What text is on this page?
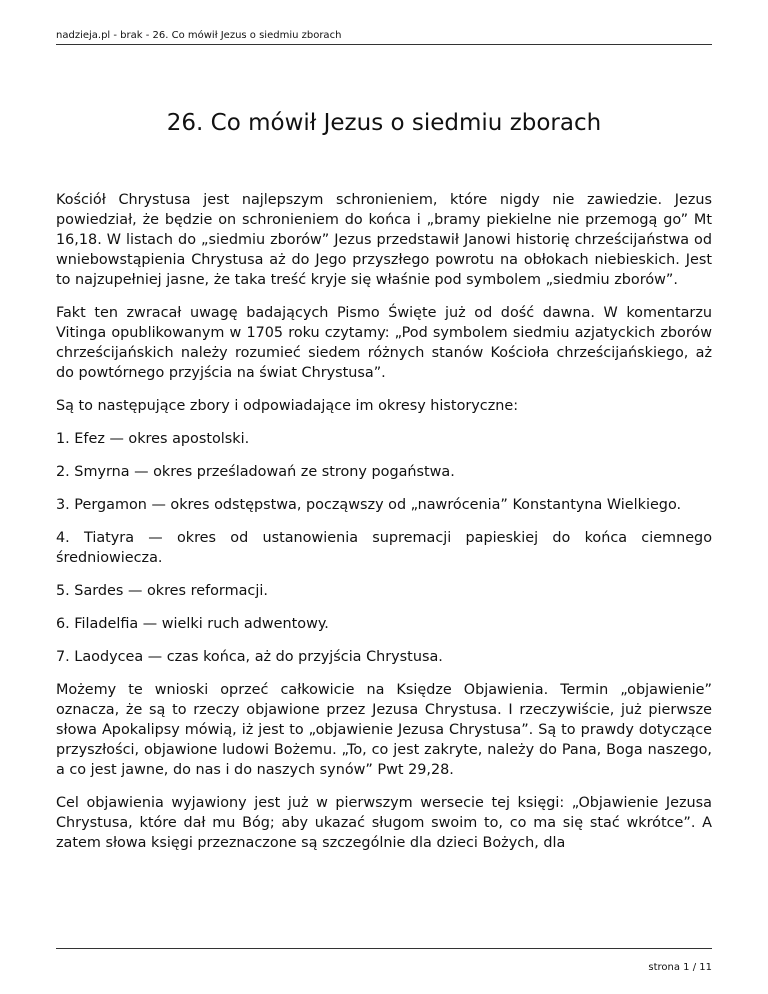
nadzieja.pl - brak - 26. Co mówił Jezus o siedmiu zborach
26. Co mówił Jezus o siedmiu zborach

Kościół Chrystusa jest najlepszym schronieniem, które nigdy nie zawiedzie. Jezus powiedział, że będzie on schronieniem do końca i „bramy piekielne nie przemogą go” Mt 16,18. W listach do „siedmiu zborów” Jezus przedstawił Janowi historię chrześcijaństwa od wniebowstąpienia Chrystusa aż do Jego przyszłego powrotu na obłokach niebieskich. Jest to najzupełniej jasne, że taka treść kryje się właśnie pod symbolem „siedmiu zborów”.

Fakt ten zwracał uwagę badających Pismo Święte już od dość dawna. W komentarzu Vitinga opublikowanym w 1705 roku czytamy: „Pod symbolem siedmiu azjatyckich zborów chrześcijańskich należy rozumieć siedem różnych stanów Kościoła chrześcijańskiego, aż do powtórnego przyjścia na świat Chrystusa”.

Są to następujące zbory i odpowiadające im okresy historyczne:

1. Efez — okres apostolski.

2. Smyrna — okres prześladowań ze strony pogaństwa.

3. Pergamon — okres odstępstwa, począwszy od „nawrócenia” Konstantyna Wielkiego.

4. Tiatyra — okres od ustanowienia supremacji papieskiej do końca ciemnego średniowiecza.

5. Sardes — okres reformacji.

6. Filadelfia — wielki ruch adwentowy.

7. Laodycea — czas końca, aż do przyjścia Chrystusa.

Możemy te wnioski oprzeć całkowicie na Księdze Objawienia. Termin „objawienie” oznacza, że są to rzeczy objawione przez Jezusa Chrystusa. I rzeczywiście, już pierwsze słowa Apokalipsy mówią, iż jest to „objawienie Jezusa Chrystusa”. Są to prawdy dotyczące przyszłości, objawione ludowi Bożemu. „To, co jest zakryte, należy do Pana, Boga naszego, a co jest jawne, do nas i do naszych synów” Pwt 29,28.

Cel objawienia wyjawiony jest już w pierwszym wersecie tej księgi: „Objawienie Jezusa Chrystusa, które dał mu Bóg; aby ukazać sługom swoim to, co ma się stać wkrótce”. A zatem słowa księgi przeznaczone są szczególnie dla dzieci Bożych, dla

strona 1 / 11
